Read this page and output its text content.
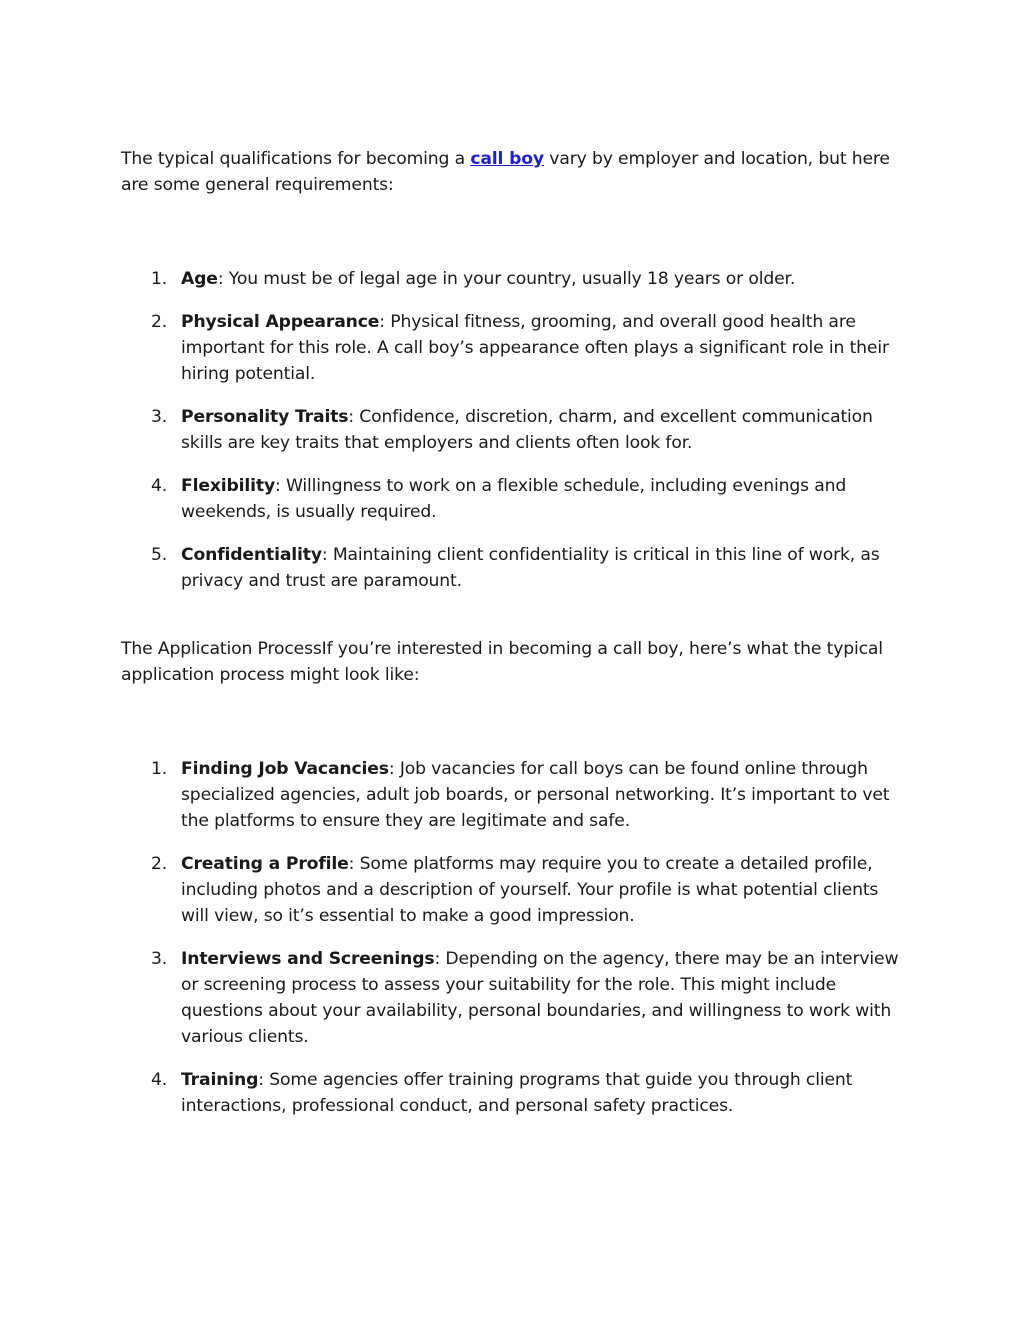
The typical qualifications for becoming a call boy vary by employer and location, but here are some general requirements:

1. Age: You must be of legal age in your country, usually 18 years or older.
2. Physical Appearance: Physical fitness, grooming, and overall good health are important for this role. A call boy’s appearance often plays a significant role in their hiring potential.
3. Personality Traits: Confidence, discretion, charm, and excellent communication skills are key traits that employers and clients often look for.
4. Flexibility: Willingness to work on a flexible schedule, including evenings and weekends, is usually required.
5. Confidentiality: Maintaining client confidentiality is critical in this line of work, as privacy and trust are paramount.

The Application ProcessIf you’re interested in becoming a call boy, here’s what the typical application process might look like:

1. Finding Job Vacancies: Job vacancies for call boys can be found online through specialized agencies, adult job boards, or personal networking. It’s important to vet the platforms to ensure they are legitimate and safe.
2. Creating a Profile: Some platforms may require you to create a detailed profile, including photos and a description of yourself. Your profile is what potential clients will view, so it’s essential to make a good impression.
3. Interviews and Screenings: Depending on the agency, there may be an interview or screening process to assess your suitability for the role. This might include questions about your availability, personal boundaries, and willingness to work with various clients.
4. Training: Some agencies offer training programs that guide you through client interactions, professional conduct, and personal safety practices.
